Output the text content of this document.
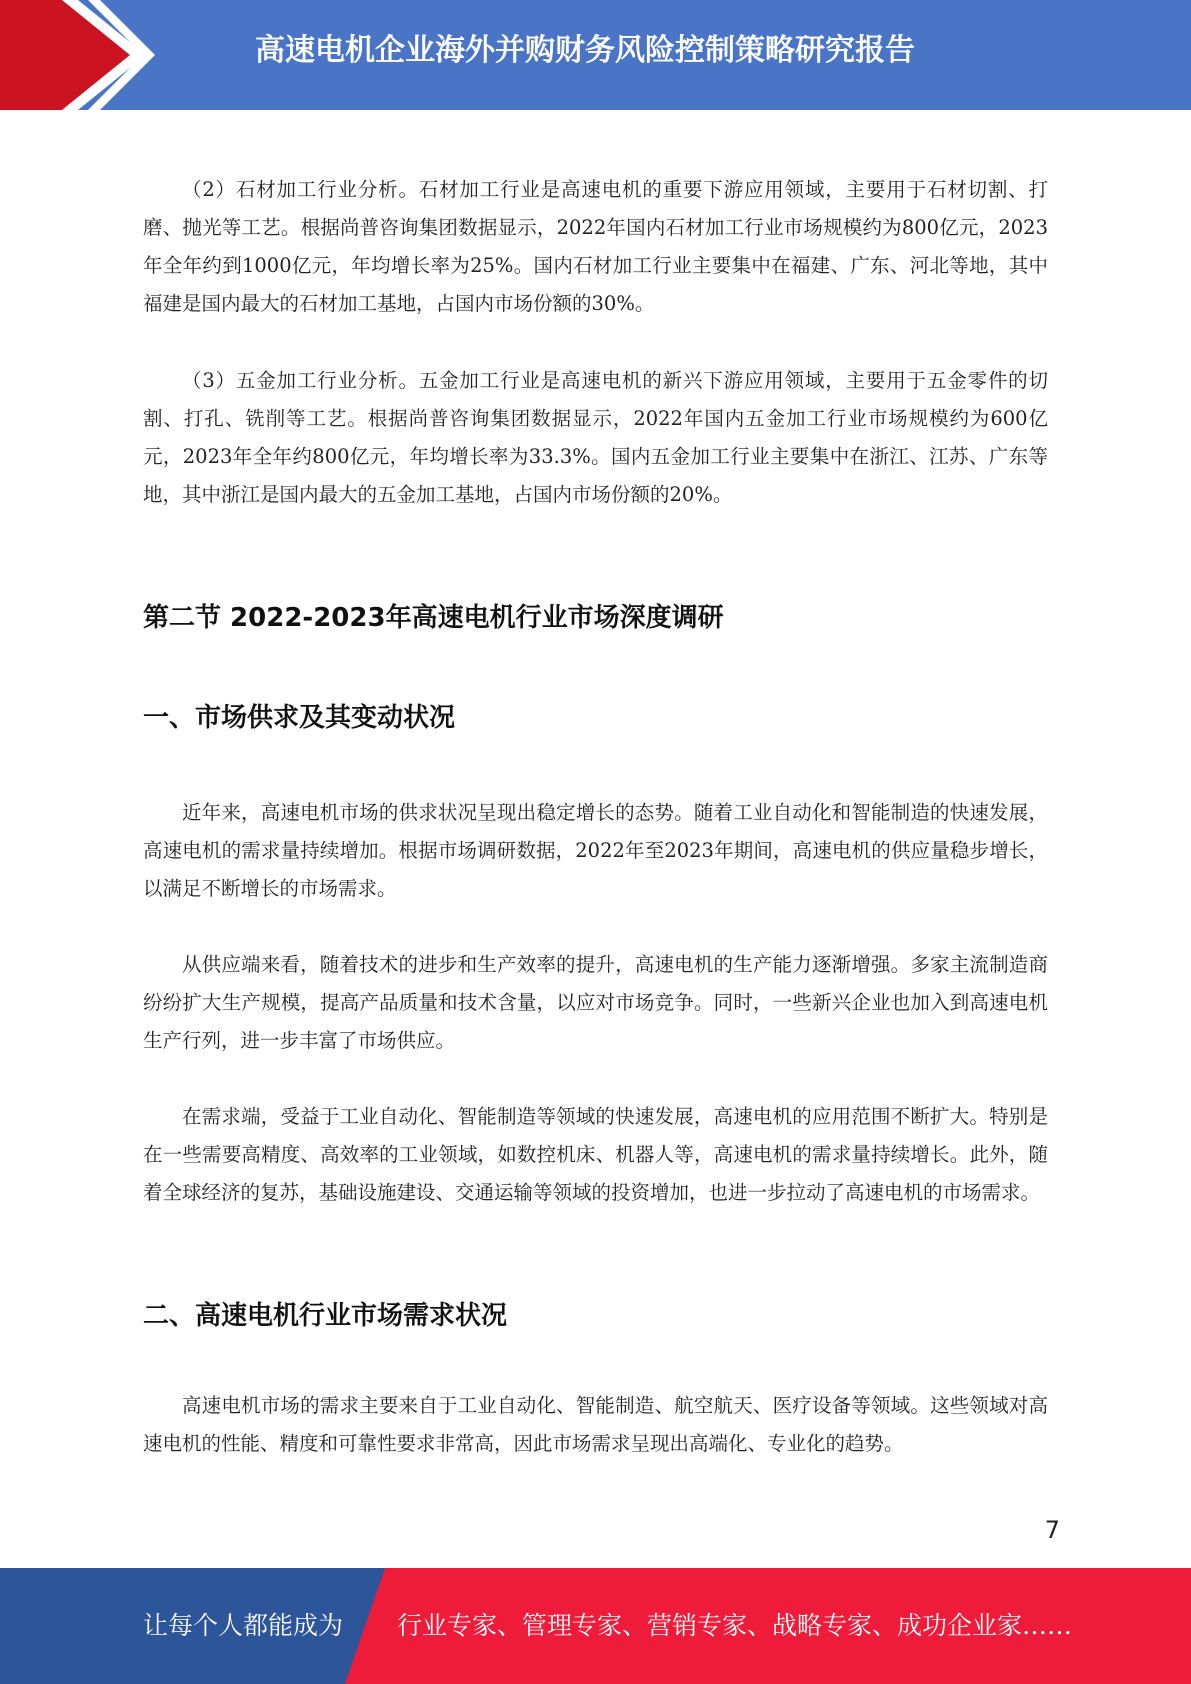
高速电机企业海外并购财务风险控制策略研究报告

（2）石材加工行业分析。石材加工行业是高速电机的重要下游应用领域，主要用于石材切割、打磨、抛光等工艺。根据尚普咨询集团数据显示，2022年国内石材加工行业市场规模约为800亿元，2023年全年约到1000亿元，年均增长率为25%。国内石材加工行业主要集中在福建、广东、河北等地，其中福建是国内最大的石材加工基地，占国内市场份额的30%。

（3）五金加工行业分析。五金加工行业是高速电机的新兴下游应用领域，主要用于五金零件的切割、打孔、铣削等工艺。根据尚普咨询集团数据显示，2022年国内五金加工行业市场规模约为600亿元，2023年全年约800亿元，年均增长率为33.3%。国内五金加工行业主要集中在浙江、江苏、广东等地，其中浙江是国内最大的五金加工基地，占国内市场份额的20%。

第二节 2022-2023年高速电机行业市场深度调研
一、市场供求及其变动状况

近年来，高速电机市场的供求状况呈现出稳定增长的态势。随着工业自动化和智能制造的快速发展，高速电机的需求量持续增加。根据市场调研数据，2022年至2023年期间，高速电机的供应量稳步增长，以满足不断增长的市场需求。

从供应端来看，随着技术的进步和生产效率的提升，高速电机的生产能力逐渐增强。多家主流制造商纷纷扩大生产规模，提高产品质量和技术含量，以应对市场竞争。同时，一些新兴企业也加入到高速电机生产行列，进一步丰富了市场供应。

在需求端，受益于工业自动化、智能制造等领域的快速发展，高速电机的应用范围不断扩大。特别是在一些需要高精度、高效率的工业领域，如数控机床、机器人等，高速电机的需求量持续增长。此外，随着全球经济的复苏，基础设施建设、交通运输等领域的投资增加，也进一步拉动了高速电机的市场需求。

二、高速电机行业市场需求状况

高速电机市场的需求主要来自于工业自动化、智能制造、航空航天、医疗设备等领域。这些领域对高速电机的性能、精度和可靠性要求非常高，因此市场需求呈现出高端化、专业化的趋势。

7
让每个人都能成为 行业专家、管理专家、营销专家、战略专家、成功企业家……
